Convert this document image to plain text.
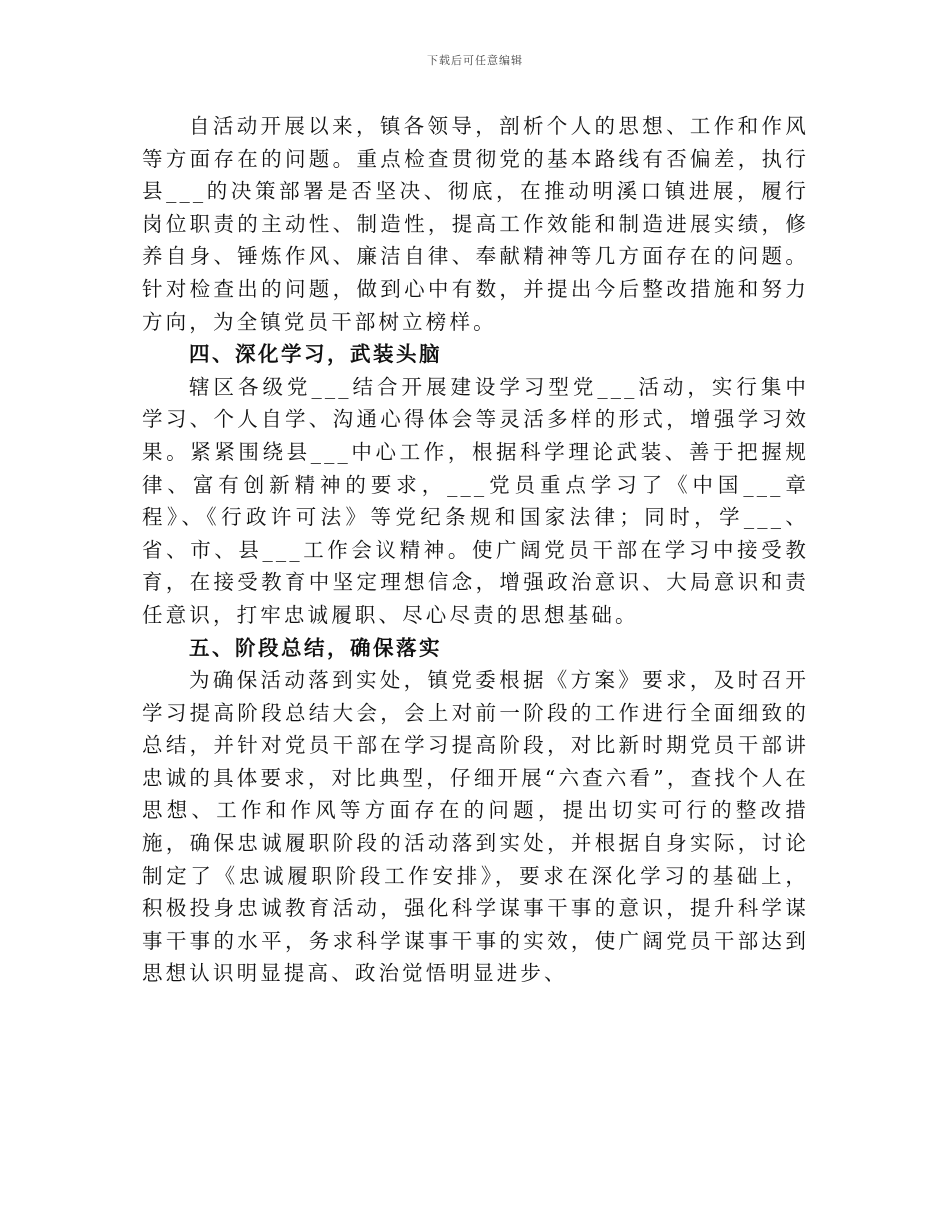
下载后可任意编辑

自活动开展以来，镇各领导，剖析个人的思想、工作和作风等方面存在的问题。重点检查贯彻党的基本路线有否偏差，执行县___的决策部署是否坚决、彻底，在推动明溪口镇进展，履行岗位职责的主动性、制造性，提高工作效能和制造进展实绩，修养自身、锤炼作风、廉洁自律、奉献精神等几方面存在的问题。针对检查出的问题，做到心中有数，并提出今后整改措施和努力方向，为全镇党员干部树立榜样。

四、深化学习，武装头脑

辖区各级党___结合开展建设学习型党___活动，实行集中学习、个人自学、沟通心得体会等灵活多样的形式，增强学习效果。紧紧围绕县___中心工作，根据科学理论武装、善于把握规律、富有创新精神的要求，___党员重点学习了《中国___章程》、《行政许可法》等党纪条规和国家法律；同时，学___、省、市、县___工作会议精神。使广阔党员干部在学习中接受教育，在接受教育中坚定理想信念，增强政治意识、大局意识和责任意识，打牢忠诚履职、尽心尽责的思想基础。

五、阶段总结，确保落实

为确保活动落到实处，镇党委根据《方案》要求，及时召开学习提高阶段总结大会，会上对前一阶段的工作进行全面细致的总结，并针对党员干部在学习提高阶段，对比新时期党员干部讲忠诚的具体要求，对比典型，仔细开展“六查六看”，查找个人在思想、工作和作风等方面存在的问题，提出切实可行的整改措施，确保忠诚履职阶段的活动落到实处，并根据自身实际，讨论制定了《忠诚履职阶段工作安排》，要求在深化学习的基础上，积极投身忠诚教育活动，强化科学谋事干事的意识，提升科学谋事干事的水平，务求科学谋事干事的实效，使广阔党员干部达到思想认识明显提高、政治觉悟明显进步、
